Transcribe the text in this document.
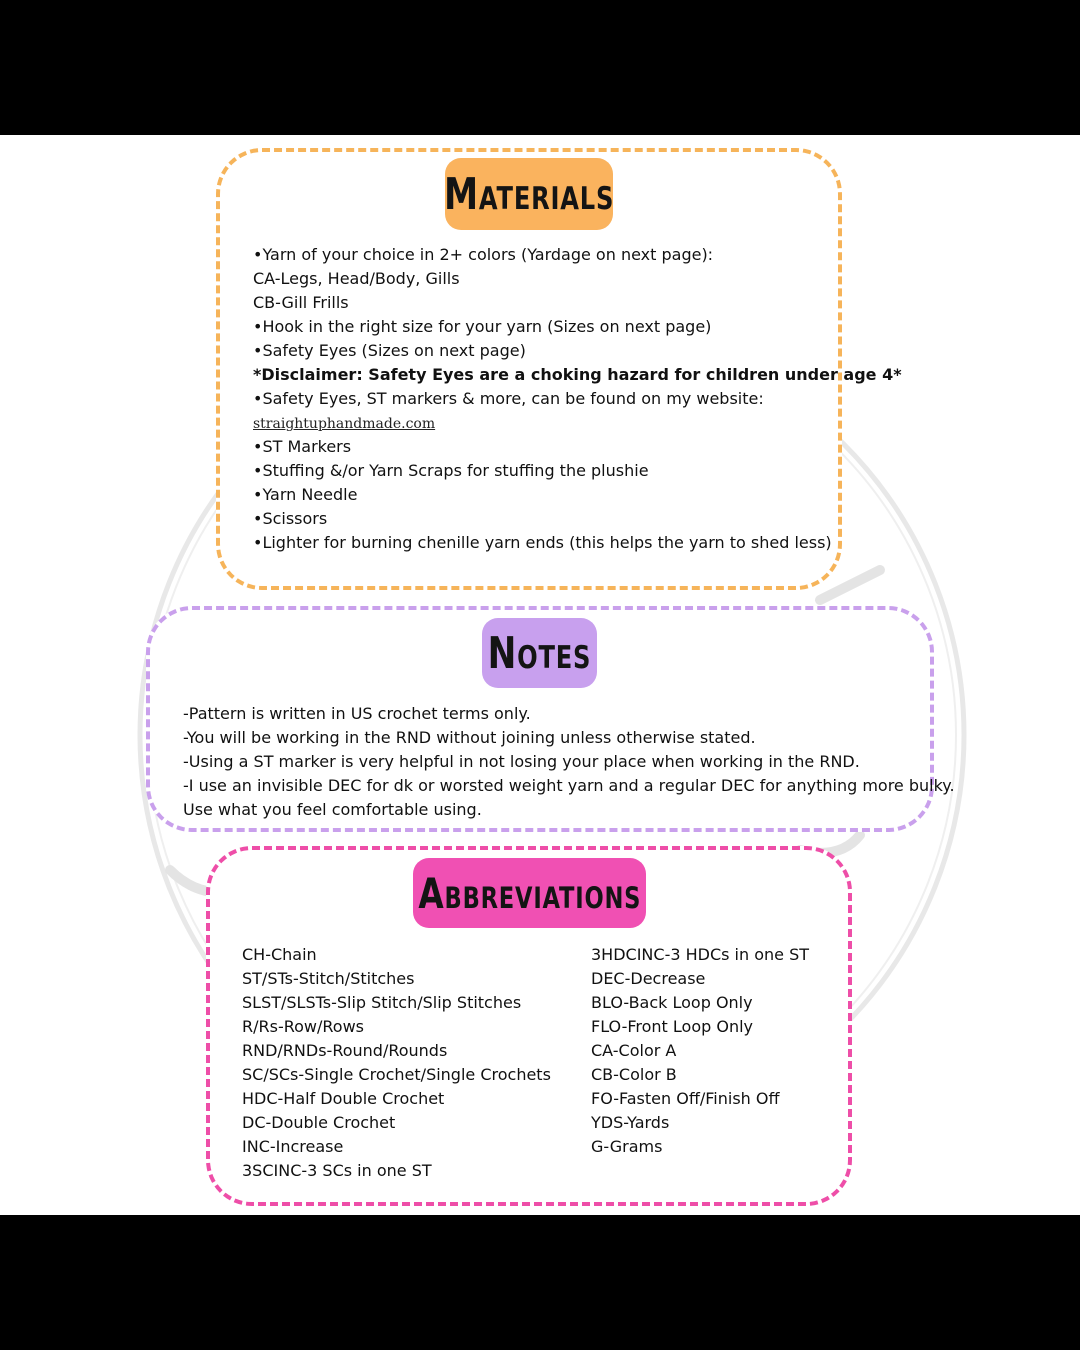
Materials
•Yarn of your choice in 2+ colors (Yardage on next page):
CA-Legs, Head/Body, Gills
CB-Gill Frills
•Hook in the right size for your yarn (Sizes on next page)
•Safety Eyes (Sizes on next page)
*Disclaimer: Safety Eyes are a choking hazard for children under age 4*
•Safety Eyes, ST markers & more, can be found on my website:
straightuphandmade.com
•ST Markers
•Stuffing &/or Yarn Scraps for stuffing the plushie
•Yarn Needle
•Scissors
•Lighter for burning chenille yarn ends (this helps the yarn to shed less)
Notes
-Pattern is written in US crochet terms only.
-You will be working in the RND without joining unless otherwise stated.
-Using a ST marker is very helpful in not losing your place when working in the RND.
-I use an invisible DEC for dk or worsted weight yarn and a regular DEC for anything more bulky.
Use what you feel comfortable using.
Abbreviations
CH-Chain
ST/STs-Stitch/Stitches
SLST/SLSTs-Slip Stitch/Slip Stitches
R/Rs-Row/Rows
RND/RNDs-Round/Rounds
SC/SCs-Single Crochet/Single Crochets
HDC-Half Double Crochet
DC-Double Crochet
INC-Increase
3SCINC-3 SCs in one ST
3HDCINC-3 HDCs in one ST
DEC-Decrease
BLO-Back Loop Only
FLO-Front Loop Only
CA-Color A
CB-Color B
FO-Fasten Off/Finish Off
YDS-Yards
G-Grams
